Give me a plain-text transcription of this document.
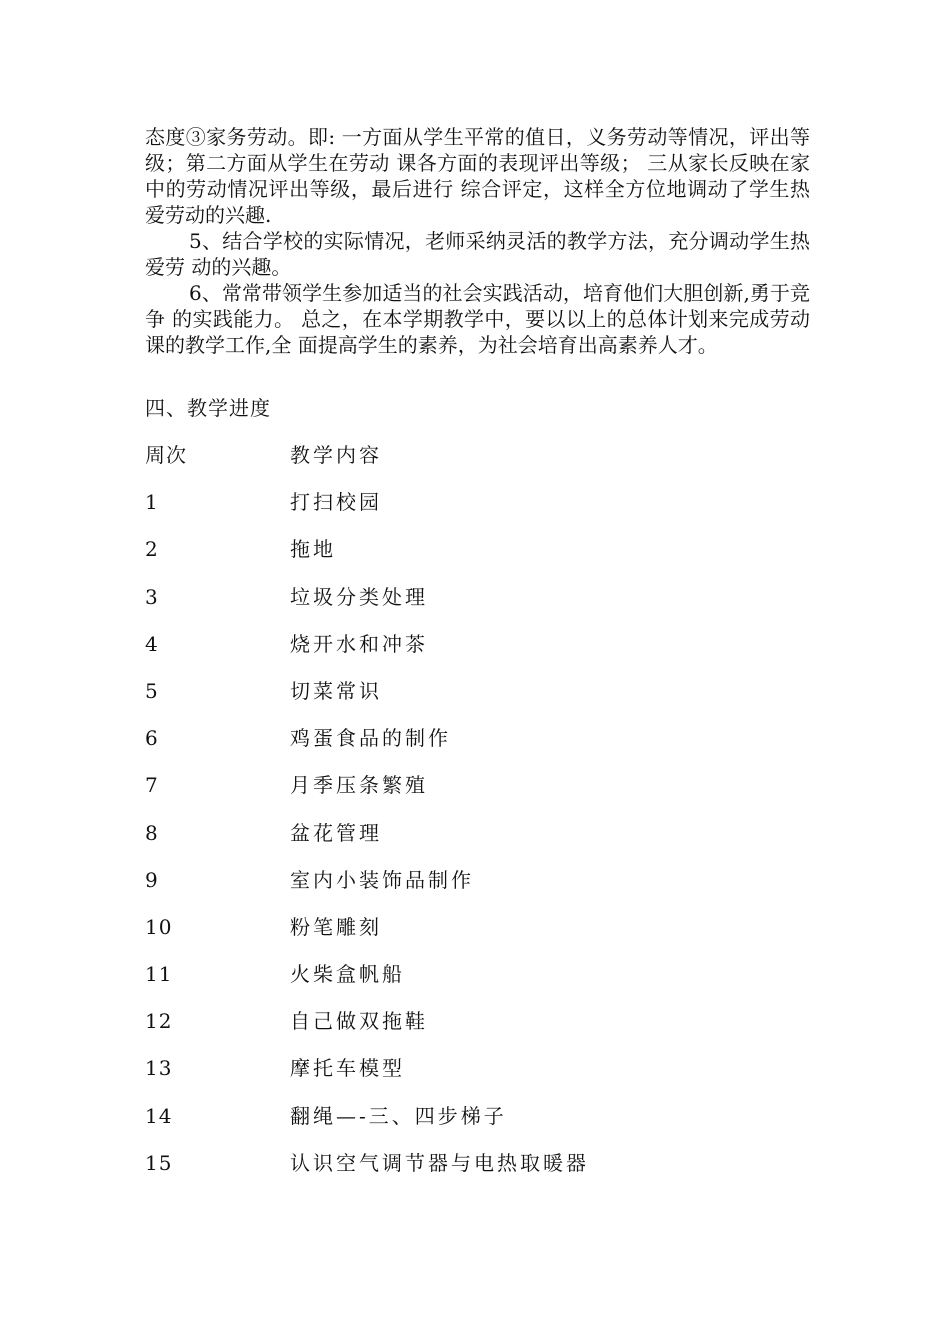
态度③家务劳动。即: 一方面从学生平常的值日，义务劳动等情况，评出等级；第二方面从学生在劳动 课各方面的表现评出等级； 三从家长反映在家中的劳动情况评出等级，最后进行 综合评定，这样全方位地调动了学生热爱劳动的兴趣.

5、结合学校的实际情况，老师采纳灵活的教学方法，充分调动学生热爱劳 动的兴趣。

6、常常带领学生参加适当的社会实践活动，培育他们大胆创新,勇于竞争 的实践能力。 总之，在本学期教学中，要以以上的总体计划来完成劳动课的教学工作,全 面提高学生的素养，为社会培育出高素养人才。

四、教学进度
周次	教学内容
1	打扫校园
2	拖地
3	垃圾分类处理
4	烧开水和冲茶
5	切菜常识
6	鸡蛋食品的制作
7	月季压条繁殖
8	盆花管理
9	室内小装饰品制作
10	粉笔雕刻
11	火柴盒帆船
12	自己做双拖鞋
13	摩托车模型
14	翻绳—-三、四步梯子
15	认识空气调节器与电热取暖器
